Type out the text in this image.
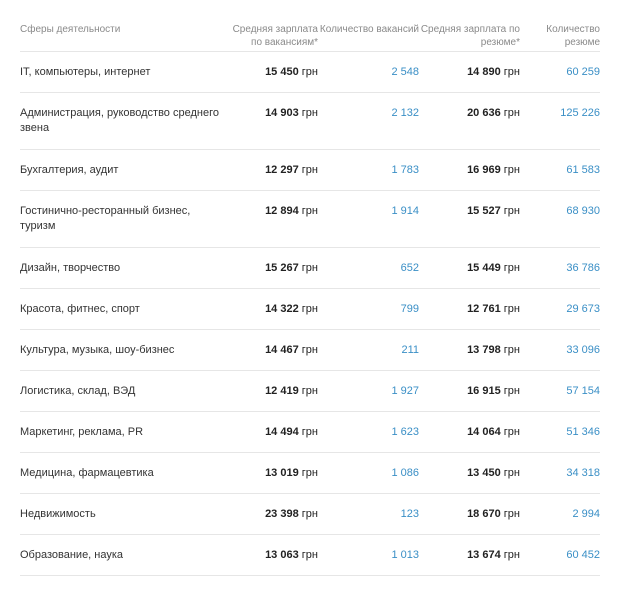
Сферы деятельности	Средняя зарплата по вакансиям*	Количество вакансий	Средняя зарплата по резюме*	Количество резюме
IT, компьютеры, интернет	15 450 грн	2 548	14 890 грн	60 259
Администрация, руководство среднего звена	14 903 грн	2 132	20 636 грн	125 226
Бухгалтерия, аудит	12 297 грн	1 783	16 969 грн	61 583
Гостинично-ресторанный бизнес, туризм	12 894 грн	1 914	15 527 грн	68 930
Дизайн, творчество	15 267 грн	652	15 449 грн	36 786
Красота, фитнес, спорт	14 322 грн	799	12 761 грн	29 673
Культура, музыка, шоу-бизнес	14 467 грн	211	13 798 грн	33 096
Логистика, склад, ВЭД	12 419 грн	1 927	16 915 грн	57 154
Маркетинг, реклама, PR	14 494 грн	1 623	14 064 грн	51 346
Медицина, фармацевтика	13 019 грн	1 086	13 450 грн	34 318
Недвижимость	23 398 грн	123	18 670 грн	2 994
Образование, наука	13 063 грн	1 013	13 674 грн	60 452
